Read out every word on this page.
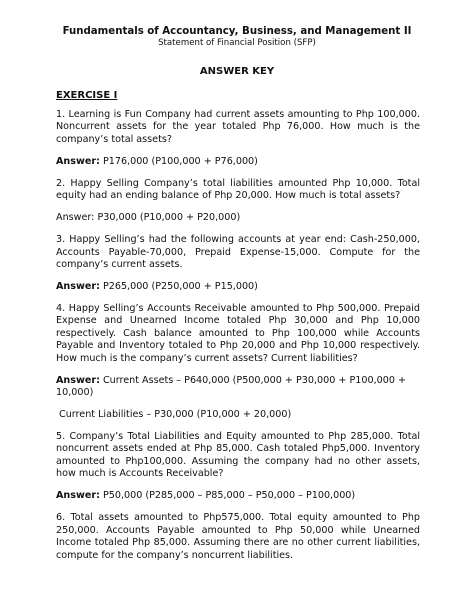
Fundamentals of Accountancy, Business, and Management II
Statement of Financial Position (SFP)
ANSWER KEY
EXERCISE I

1. Learning is Fun Company had current assets amounting to Php 100,000. Noncurrent assets for the year totaled Php 76,000. How much is the company’s total assets?

Answer: P176,000 (P100,000 + P76,000)

2. Happy Selling Company’s total liabilities amounted Php 10,000. Total equity had an ending balance of Php 20,000. How much is total assets?

Answer: P30,000 (P10,000 + P20,000)

3. Happy Selling’s had the following accounts at year end: Cash-250,000, Accounts Payable-70,000, Prepaid Expense-15,000. Compute for the company’s current assets.

Answer: P265,000 (P250,000 + P15,000)

4. Happy Selling’s Accounts Receivable amounted to Php 500,000. Prepaid Expense and Unearned Income totaled Php 30,000 and Php 10,000 respectively. Cash balance amounted to Php 100,000 while Accounts Payable and Inventory totaled to Php 20,000 and Php 10,000 respectively. How much is the company’s current assets? Current liabilities?

Answer: Current Assets – P640,000 (P500,000 + P30,000 + P100,000 + 10,000)

Current Liabilities – P30,000 (P10,000 + 20,000)

5. Company’s Total Liabilities and Equity amounted to Php 285,000. Total noncurrent assets ended at Php 85,000. Cash totaled Php5,000. Inventory amounted to Php100,000. Assuming the company had no other assets, how much is Accounts Receivable?

Answer: P50,000 (P285,000 – P85,000 – P50,000 – P100,000)

6. Total assets amounted to Php575,000. Total equity amounted to Php 250,000. Accounts Payable amounted to Php 50,000 while Unearned Income totaled Php 85,000. Assuming there are no other current liabilities, compute for the company’s noncurrent liabilities.
